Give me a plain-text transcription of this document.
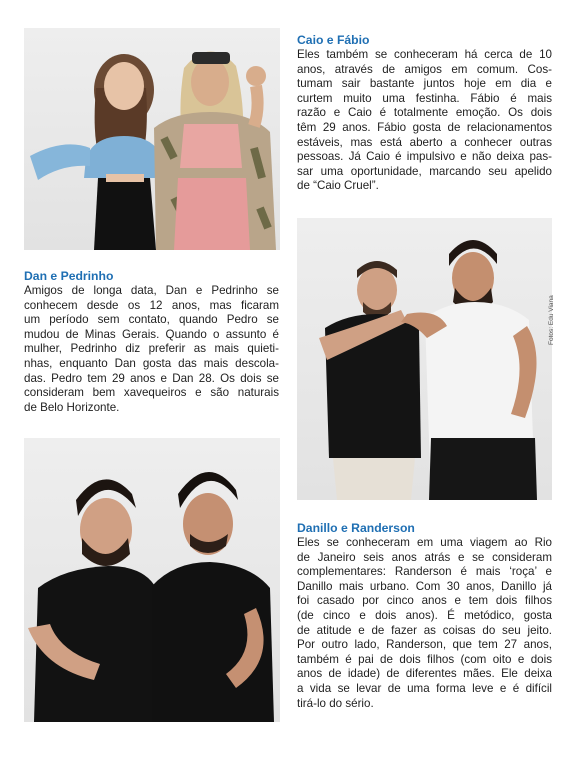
Caio e Fábio
Eles também se conheceram há cerca de 10
anos, através de amigos em comum. Cos-
tumam sair bastante juntos hoje em dia e
curtem muito uma festinha. Fábio é mais
razão e Caio é totalmente emoção. Os dois
têm 29 anos. Fábio gosta de relacionamentos
estáveis, mas está aberto a conhecer outras
pessoas. Já Caio é impulsivo e não deixa pas-
sar uma oportunidade, marcando seu apelido
de “Caio Cruel”.
Fotos: Edu Viana
Dan e Pedrinho
Amigos de longa data, Dan e Pedrinho se
conhecem desde os 12 anos, mas ficaram
um período sem contato, quando Pedro se
mudou de Minas Gerais. Quando o assunto é
mulher, Pedrinho diz preferir as mais quieti-
nhas, enquanto Dan gosta das mais descola-
das. Pedro tem 29 anos e Dan 28. Os dois se
consideram bem xavequeiros e são naturais
de Belo Horizonte.
Danillo e Randerson
Eles se conheceram em uma viagem ao Rio
de Janeiro seis anos atrás e se consideram
complementares: Randerson é mais ‘roça’ e
Danillo mais urbano. Com 30 anos, Danillo já
foi casado por cinco anos e tem dois filhos
(de cinco e dois anos). É metódico, gosta
de atitude e de fazer as coisas do seu jeito.
Por outro lado, Randerson, que tem 27 anos,
também é pai de dois filhos (com oito e dois
anos de idade) de diferentes mães. Ele deixa
a vida se levar de uma forma leve e é difícil
tirá-lo do sério.
